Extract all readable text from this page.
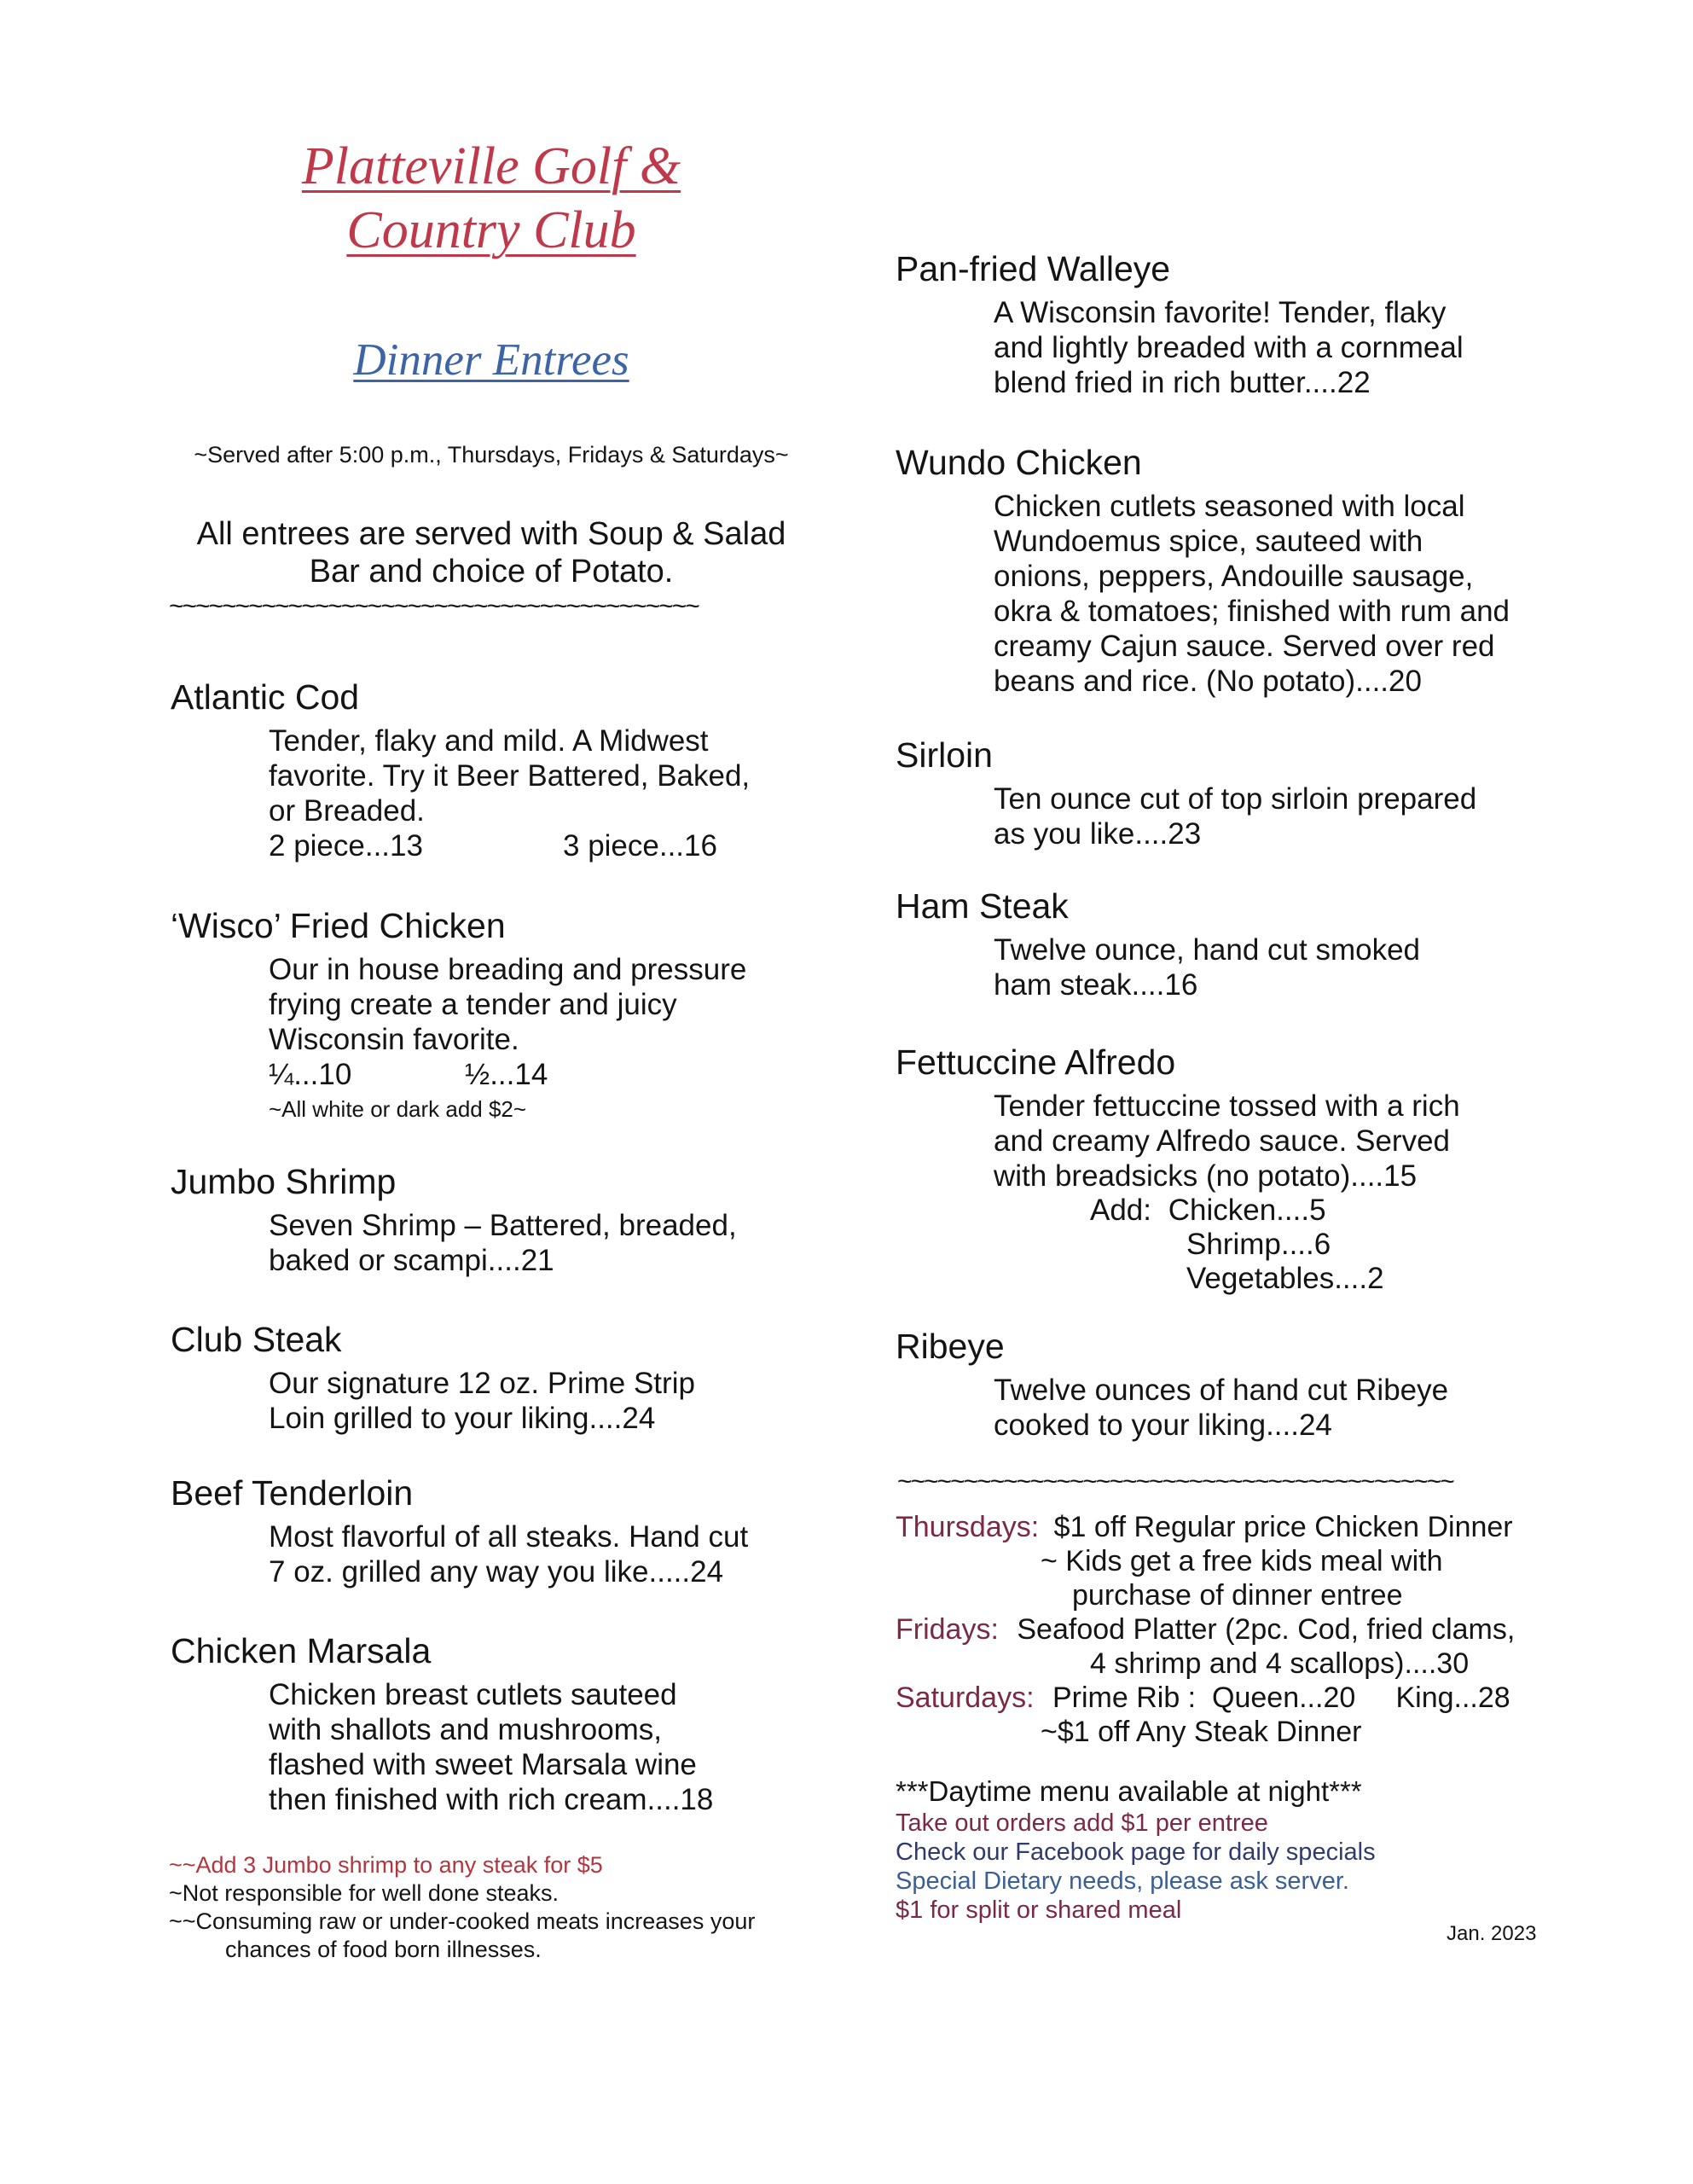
Platteville Golf &
Country Club
Dinner Entrees
~Served after 5:00 p.m., Thursdays, Fridays & Saturdays~
All entrees are served with Soup & Salad
Bar and choice of Potato.
~~~~~~~~~~~~~~~~~~~~~~~~~~~~~~~~~~~~~~~~
Atlantic Cod
Tender, flaky and mild. A Midwest
favorite. Try it Beer Battered, Baked,
or Breaded.
2 piece...13	3 piece...16
‘Wisco’ Fried Chicken
Our in house breading and pressure
frying create a tender and juicy
Wisconsin favorite.
¼...10	½...14
~All white or dark add $2~
Jumbo Shrimp
Seven Shrimp – Battered, breaded,
baked or scampi....21
Club Steak
Our signature 12 oz. Prime Strip
Loin grilled to your liking....24
Beef Tenderloin
Most flavorful of all steaks. Hand cut
7 oz. grilled any way you like.....24
Chicken Marsala
Chicken breast cutlets sauteed
with shallots and mushrooms,
flashed with sweet Marsala wine
then finished with rich cream....18
~~Add 3 Jumbo shrimp to any steak for $5
~Not responsible for well done steaks.
~~Consuming raw or under-cooked meats increases your
chances of food born illnesses.
Pan-fried Walleye
A Wisconsin favorite! Tender, flaky
and lightly breaded with a cornmeal
blend fried in rich butter....22
Wundo Chicken
Chicken cutlets seasoned with local
Wundoemus spice, sauteed with
onions, peppers, Andouille sausage,
okra & tomatoes; finished with rum and
creamy Cajun sauce. Served over red
beans and rice. (No potato)....20
Sirloin
Ten ounce cut of top sirloin prepared
as you like....23
Ham Steak
Twelve ounce, hand cut smoked
ham steak....16
Fettuccine Alfredo
Tender fettuccine tossed with a rich
and creamy Alfredo sauce. Served
with breadsicks (no potato)....15
Add: Chicken....5
Shrimp....6
Vegetables....2
Ribeye
Twelve ounces of hand cut Ribeye
cooked to your liking....24
~~~~~~~~~~~~~~~~~~~~~~~~~~~~~~~~~~~~~~~~~~
Thursdays: $1 off Regular price Chicken Dinner
~ Kids get a free kids meal with
purchase of dinner entree
Fridays: Seafood Platter (2pc. Cod, fried clams,
4 shrimp and 4 scallops)....30
Saturdays: Prime Rib :  Queen...20     King...28
~$1 off Any Steak Dinner
***Daytime menu available at night***
Take out orders add $1 per entree
Check our Facebook page for daily specials
Special Dietary needs, please ask server.
$1 for split or shared meal
Jan. 2023
